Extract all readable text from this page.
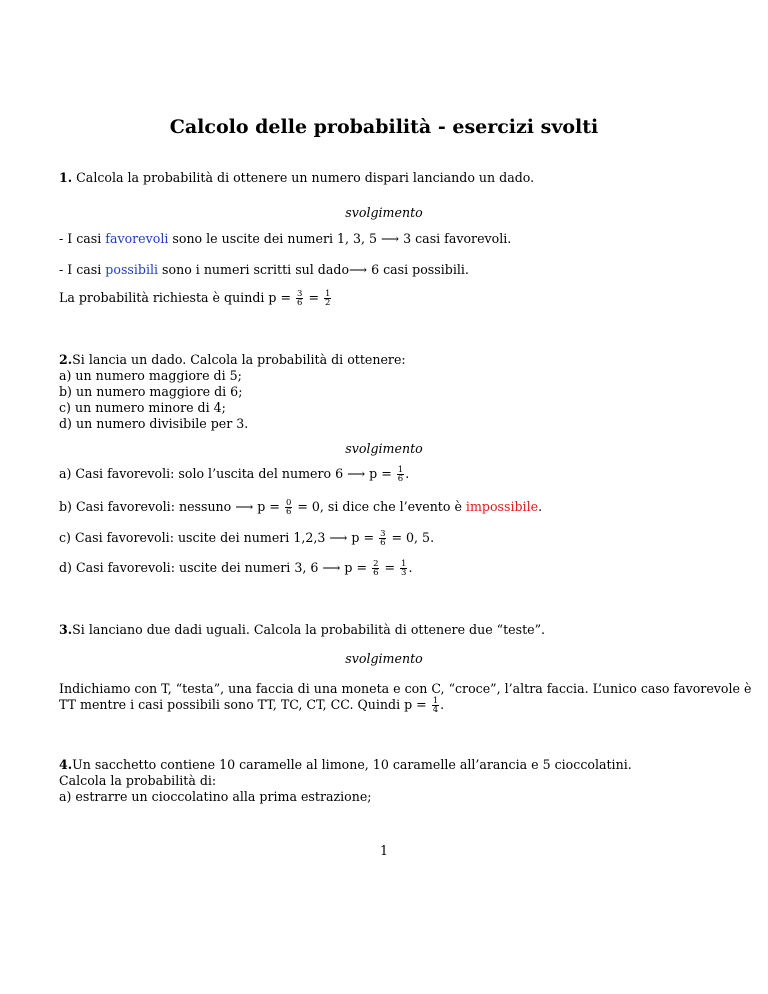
Calcolo delle probabilità - esercizi svolti
1. Calcola la probabilità di ottenere un numero dispari lanciando un dado.
svolgimento
- I casi favorevoli sono le uscite dei numeri 1, 3, 5 ⟶ 3 casi favorevoli.
- I casi possibili sono i numeri scritti sul dado⟶ 6 casi possibili.
La probabilità richiesta è quindi $p = \frac{3}{6} = \frac{1}{2}$
2.Si lancia un dado. Calcola la probabilità di ottenere:
a) un numero maggiore di 5;
b) un numero maggiore di 6;
c) un numero minore di 4;
d) un numero divisibile per 3.
svolgimento
a) Casi favorevoli: solo l’uscita del numero 6 ⟶ $p = \frac{1}{6}$ .
b) Casi favorevoli: nessuno ⟶ $p = \frac{0}{6} = 0$, si dice che l’evento è impossibile.
c) Casi favorevoli: uscite dei numeri 1,2,3 ⟶ $p = \frac{3}{6} = 0$, 5.
d) Casi favorevoli: uscite dei numeri 3, 6 ⟶ $p = \frac{2}{6} = \frac{1}{3}$ .
3.Si lanciano due dadi uguali. Calcola la probabilità di ottenere due “teste”.
svolgimento
Indichiamo con T, “testa”, una faccia di una moneta e con C, “croce”, l’altra faccia. L’unico caso favorevole è
TT mentre i casi possibili sono TT, TC, CT, CC. Quindi $p = \frac{1}{4}$ .
4.Un sacchetto contiene 10 caramelle al limone, 10 caramelle all’arancia e 5 cioccolatini.
Calcola la probabilità di:
a) estrarre un cioccolatino alla prima estrazione;
1
